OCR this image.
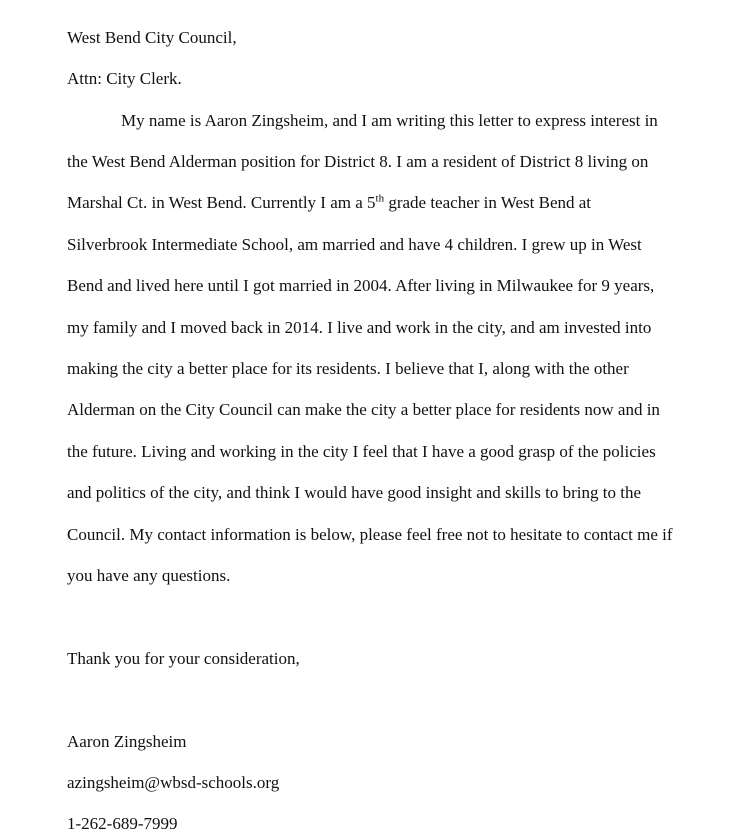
West Bend City Council,
Attn: City Clerk.
My name is Aaron Zingsheim, and I am writing this letter to express interest in
the West Bend Alderman position for District 8. I am a resident of District 8 living on
Marshal Ct. in West Bend. Currently I am a 5th grade teacher in West Bend at
Silverbrook Intermediate School, am married and have 4 children. I grew up in West
Bend and lived here until I got married in 2004. After living in Milwaukee for 9 years,
my family and I moved back in 2014. I live and work in the city, and am invested into
making the city a better place for its residents. I believe that I, along with the other
Alderman on the City Council can make the city a better place for residents now and in
the future. Living and working in the city I feel that I have a good grasp of the policies
and politics of the city, and think I would have good insight and skills to bring to the
Council. My contact information is below, please feel free not to hesitate to contact me if
you have any questions.
Thank you for your consideration,
Aaron Zingsheim
azingsheim@wbsd-schools.org
1-262-689-7999
